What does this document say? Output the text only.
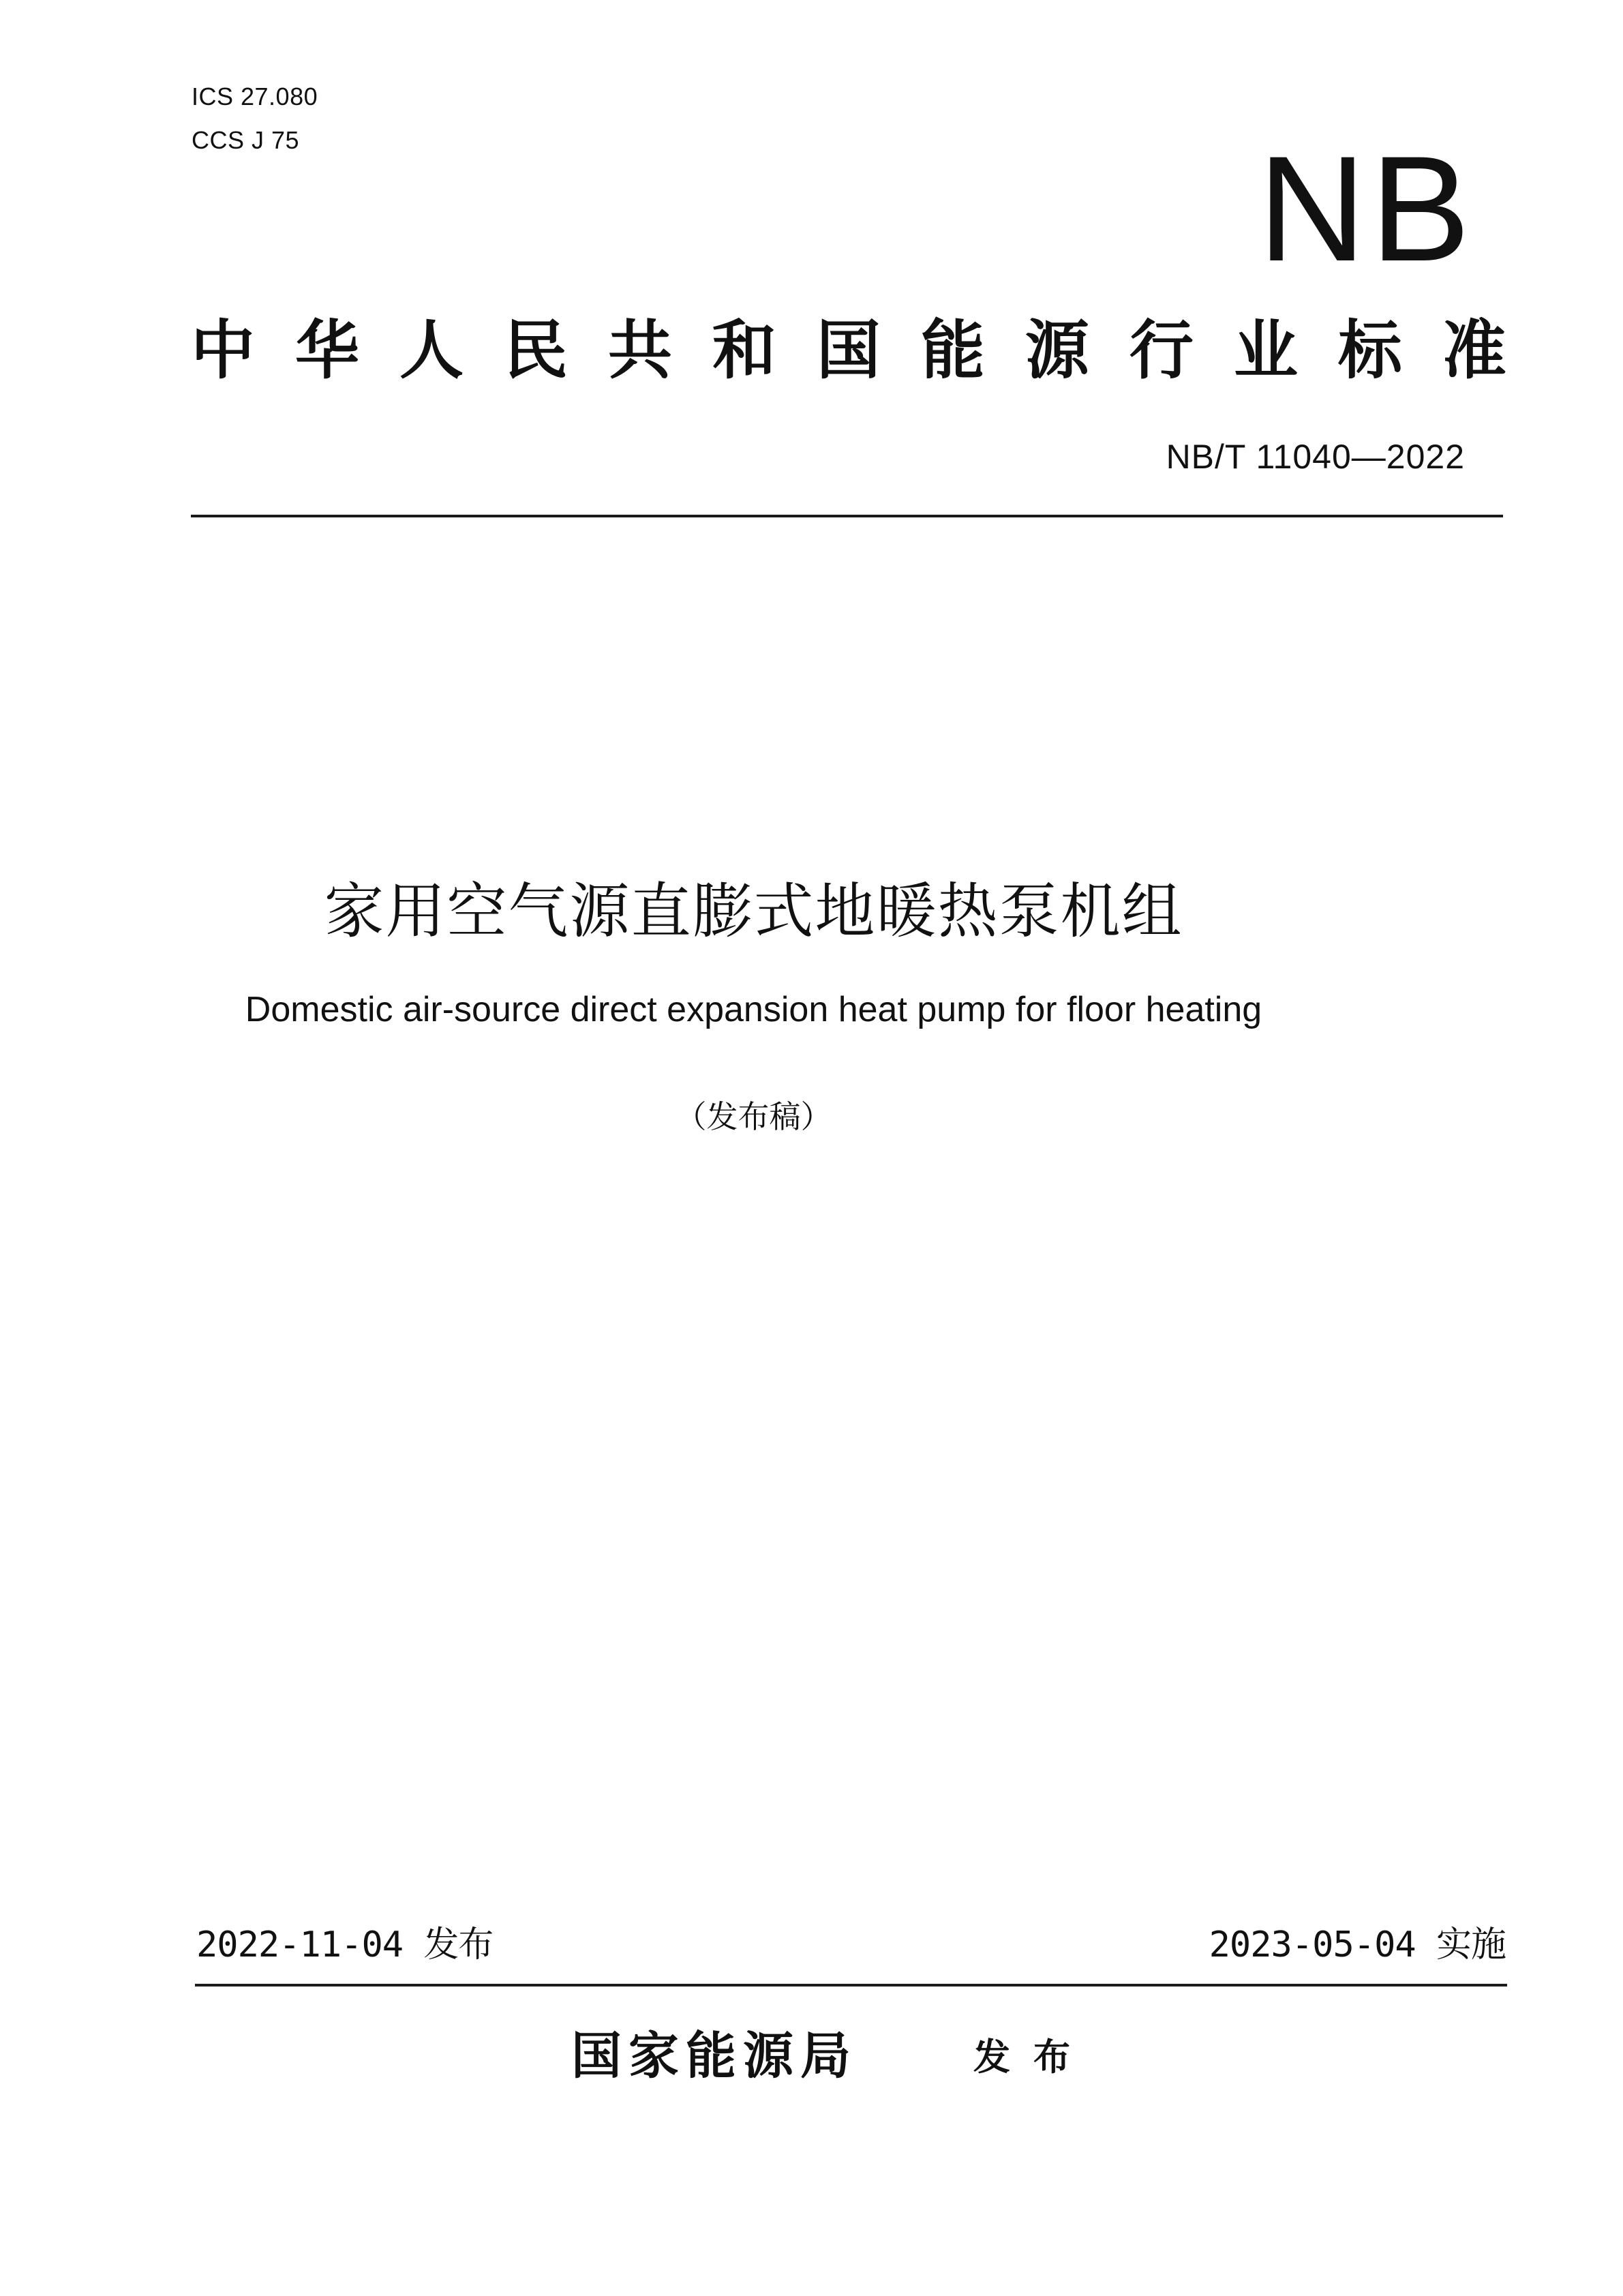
ICS 27.080
CCS J 75	NB
中 华 人 民 共 和 国 能 源 行 业 标 准
NB/T 11040—2022
家用空气源直膨式地暖热泵机组
Domestic air-source direct expansion heat pump for floor heating
（发布稿）
2022-11-04 发布	2023-05-04 实施
国家能源局	发布
